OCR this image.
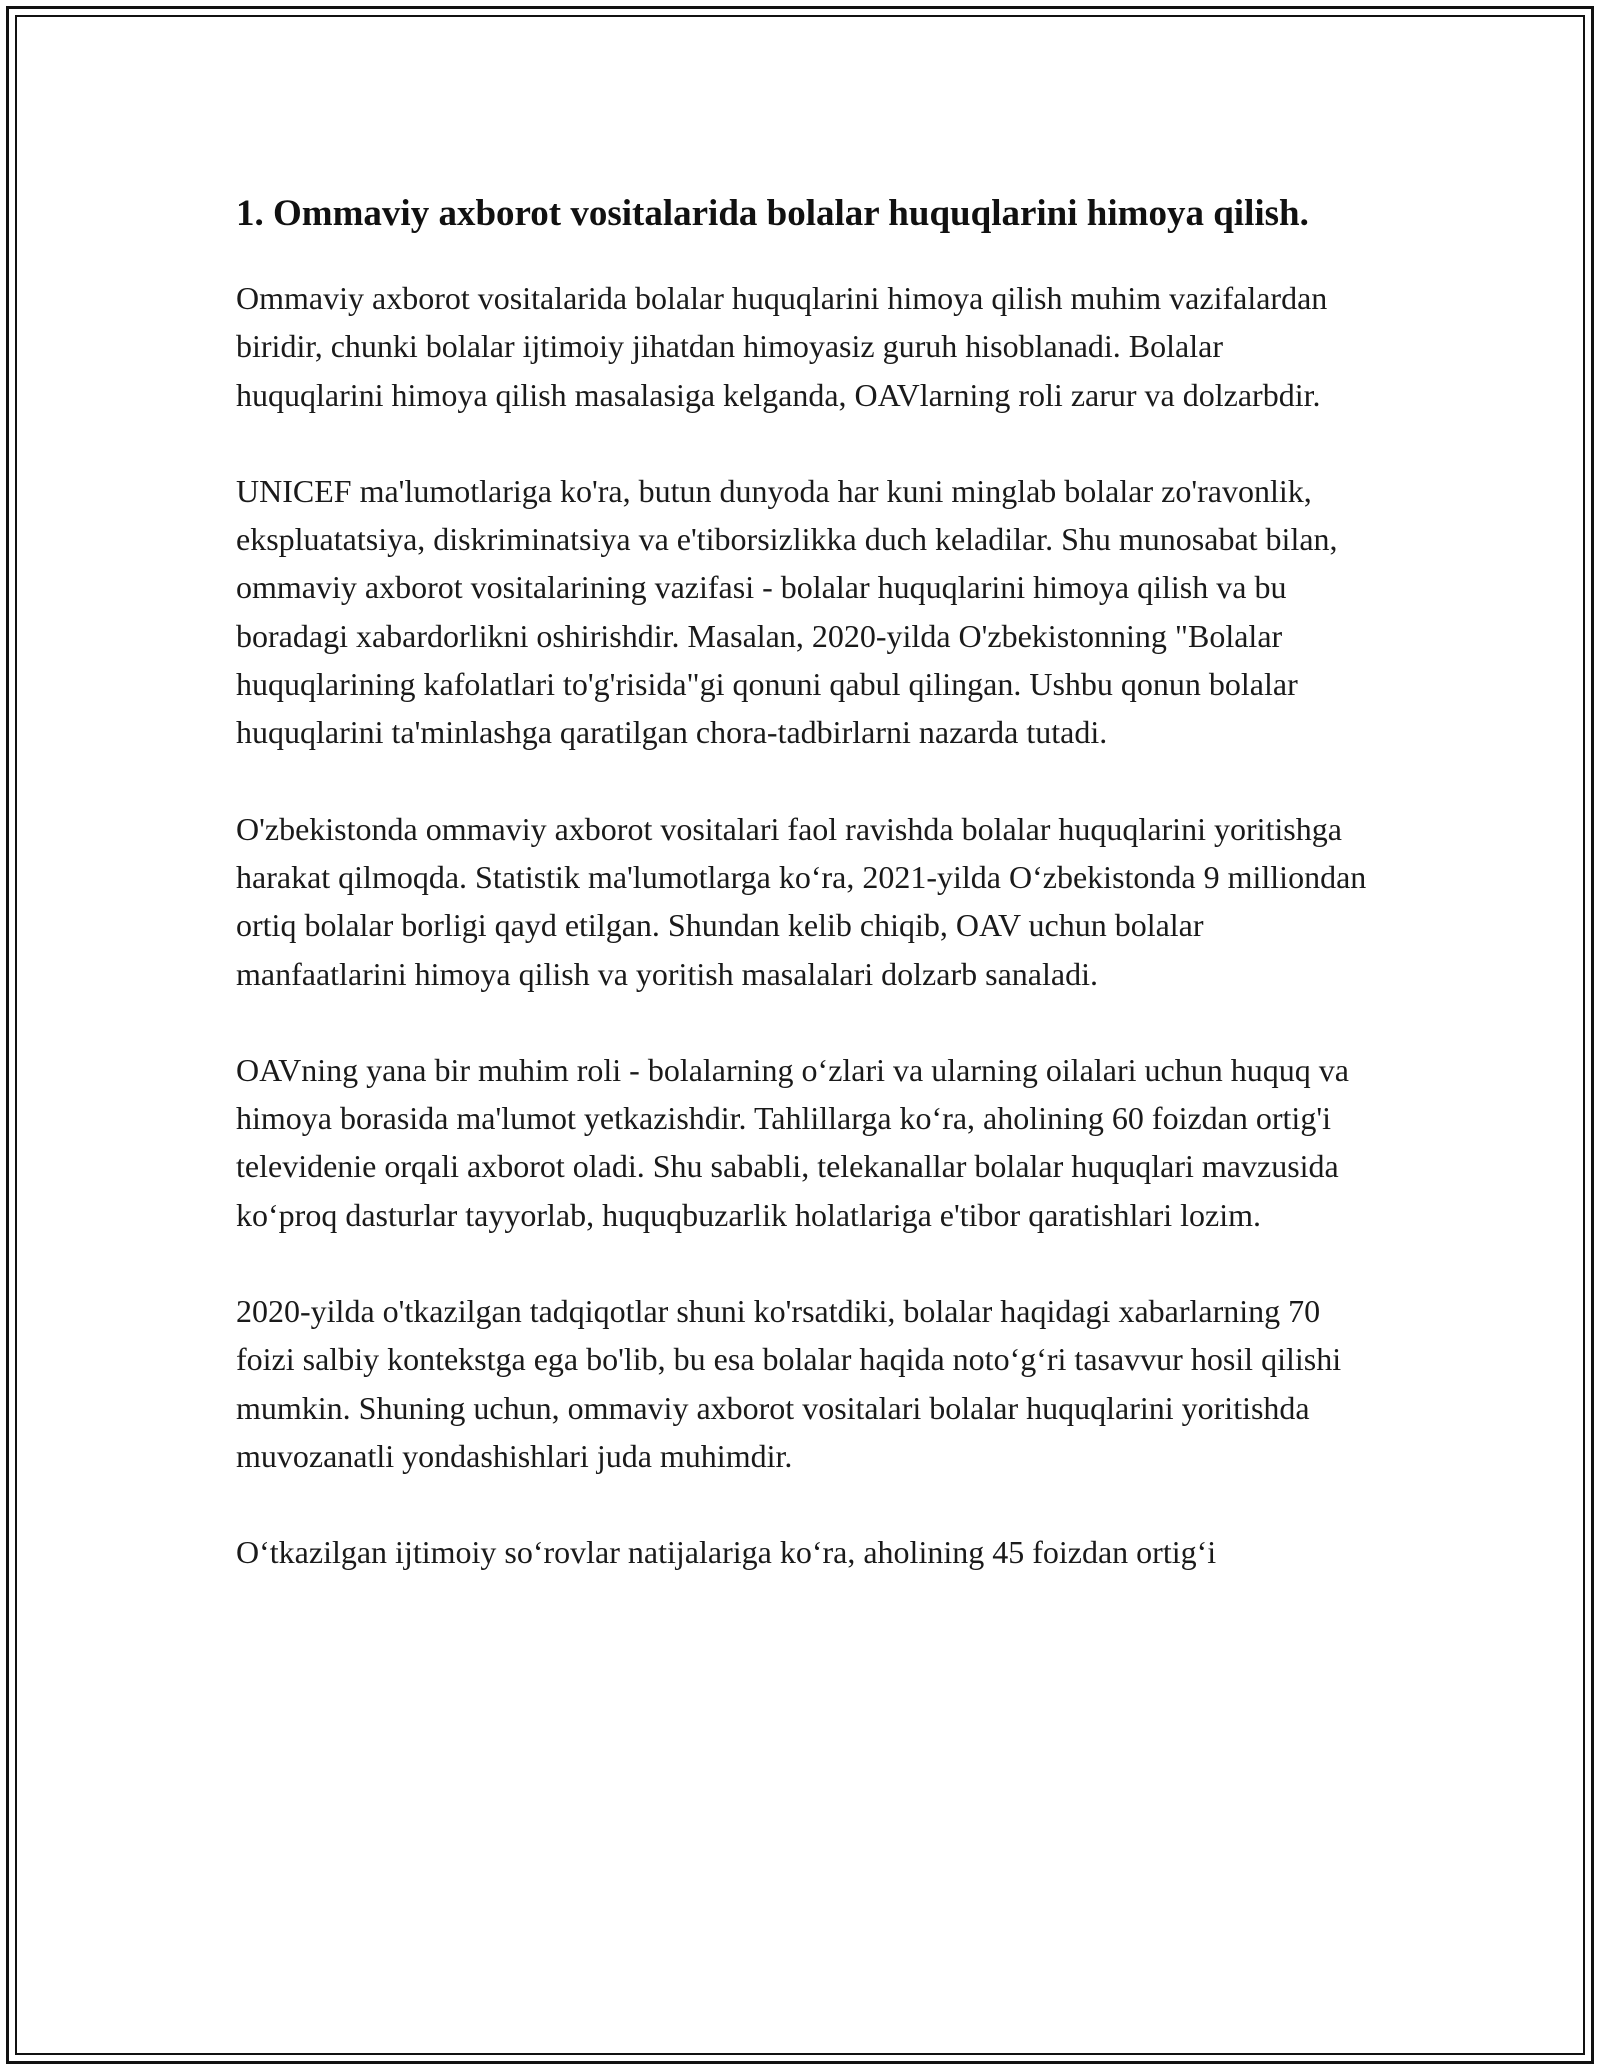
1. Ommaviy axborot vositalarida bolalar huquqlarini himoya qilish.

Ommaviy axborot vositalarida bolalar huquqlarini himoya qilish muhim vazifalardan biridir, chunki bolalar ijtimoiy jihatdan himoyasiz guruh hisoblanadi. Bolalar huquqlarini himoya qilish masalasiga kelganda, OAVlarning roli zarur va dolzarbdir.

UNICEF ma'lumotlariga ko'ra, butun dunyoda har kuni minglab bolalar zo'ravonlik, ekspluatatsiya, diskriminatsiya va e'tiborsizlikka duch keladilar. Shu munosabat bilan, ommaviy axborot vositalarining vazifasi - bolalar huquqlarini himoya qilish va bu boradagi xabardorlikni oshirishdir. Masalan, 2020-yilda O'zbekistonning "Bolalar huquqlarining kafolatlari to'g'risida"gi qonuni qabul qilingan. Ushbu qonun bolalar huquqlarini ta'minlashga qaratilgan chora-tadbirlarni nazarda tutadi.

O'zbekistonda ommaviy axborot vositalari faol ravishda bolalar huquqlarini yoritishga harakat qilmoqda. Statistik ma'lumotlarga ko‘ra, 2021-yilda O‘zbekistonda 9 milliondan ortiq bolalar borligi qayd etilgan. Shundan kelib chiqib, OAV uchun bolalar manfaatlarini himoya qilish va yoritish masalalari dolzarb sanaladi.

OAVning yana bir muhim roli - bolalarning o‘zlari va ularning oilalari uchun huquq va himoya borasida ma'lumot yetkazishdir. Tahlillarga ko‘ra, aholining 60 foizdan ortig'i televidenie orqali axborot oladi. Shu sababli, telekanallar bolalar huquqlari mavzusida ko‘proq dasturlar tayyorlab, huquqbuzarlik holatlariga e'tibor qaratishlari lozim.

2020-yilda o'tkazilgan tadqiqotlar shuni ko'rsatdiki, bolalar haqidagi xabarlarning 70 foizi salbiy kontekstga ega bo'lib, bu esa bolalar haqida noto‘g‘ri tasavvur hosil qilishi mumkin. Shuning uchun, ommaviy axborot vositalari bolalar huquqlarini yoritishda muvozanatli yondashishlari juda muhimdir.

O‘tkazilgan ijtimoiy so‘rovlar natijalariga ko‘ra, aholining 45 foizdan ortig‘i
